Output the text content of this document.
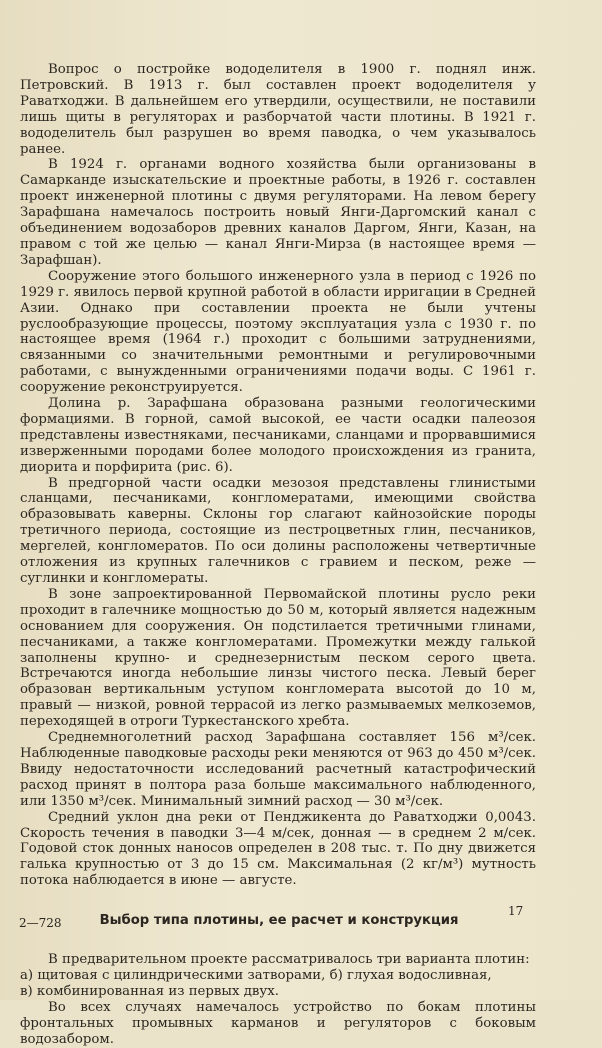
Вопрос о постройке вододелителя в 1900 г. поднял инж. Петровский. В 1913 г. был составлен проект вододелителя у Раватходжи. В дальнейшем его утвердили, осуществили, не поставили лишь щиты в регуляторах и разборчатой части плотины. В 1921 г. вододелитель был разрушен во время паводка, о чем указывалось ранее.

В 1924 г. органами водного хозяйства были организованы в Самарканде изыскательские и проектные работы, в 1926 г. составлен проект инженерной плотины с двумя регуляторами. На левом берегу Зарафшана намечалось построить новый Янги-Даргомский канал с объединением водозаборов древних каналов Даргом, Янги, Казан, на правом с той же целью — канал Янги-Мирза (в настоящее время — Зарафшан).

Сооружение этого большого инженерного узла в период с 1926 по 1929 г. явилось первой крупной работой в области ирригации в Средней Азии. Однако при составлении проекта не были учтены руслообразующие процессы, поэтому эксплуатация узла с 1930 г. по настоящее время (1964 г.) проходит с большими затруднениями, связанными со значительными ремонтными и регулировочными работами, с вынужденными ограничениями подачи воды. С 1961 г. сооружение реконструируется.

Долина р. Зарафшана образована разными геологическими формациями. В горной, самой высокой, ее части осадки палеозоя представлены известняками, песчаниками, сланцами и прорвавшимися изверженными породами более молодого происхождения из гранита, диорита и порфирита (рис. 6).

В предгорной части осадки мезозоя представлены глинистыми сланцами, песчаниками, конгломератами, имеющими свойства образовывать каверны. Склоны гор слагают кайнозойские породы третичного периода, состоящие из пестроцветных глин, песчаников, мергелей, конгломератов. По оси долины расположены четвертичные отложения из крупных галечников с гравием и песком, реже — суглинки и конгломераты.

В зоне запроектированной Первомайской плотины русло реки проходит в галечнике мощностью до 50 м, который является надежным основанием для сооружения. Он подстилается третичными глинами, песчаниками, а также конгломератами. Промежутки между галькой заполнены крупно- и среднезернистым песком серого цвета. Встречаются иногда небольшие линзы чистого песка. Левый берег образован вертикальным уступом конгломерата высотой до 10 м, правый — низкой, ровной террасой из легко размываемых мелкоземов, переходящей в отроги Туркестанского хребта.

Среднемноголетний расход Зарафшана составляет 156 м³/сек. Наблюденные паводковые расходы реки меняются от 963 до 450 м³/сек. Ввиду недостаточности исследований расчетный катастрофический расход принят в полтора раза больше максимального наблюденного, или 1350 м³/сек. Минимальный зимний расход — 30 м³/сек.

Средний уклон дна реки от Пенджикента до Раватходжи 0,0043. Скорость течения в паводки 3—4 м/сек, донная — в среднем 2 м/сек. Годовой сток донных наносов определен в 208 тыс. т. По дну движется галька крупностью от 3 до 15 см. Максимальная (2 кг/м³) мутность потока наблюдается в июне — августе.

Выбор типа плотины, ее расчет и конструкция

В предварительном проекте рассматривалось три варианта плотин:

а) щитовая с цилиндрическими затворами, б) глухая водосливная,

в) комбинированная из первых двух.

Во всех случаях намечалось устройство по бокам плотины фронтальных промывных карманов и регуляторов с боковым водозабором.

2—728
17
